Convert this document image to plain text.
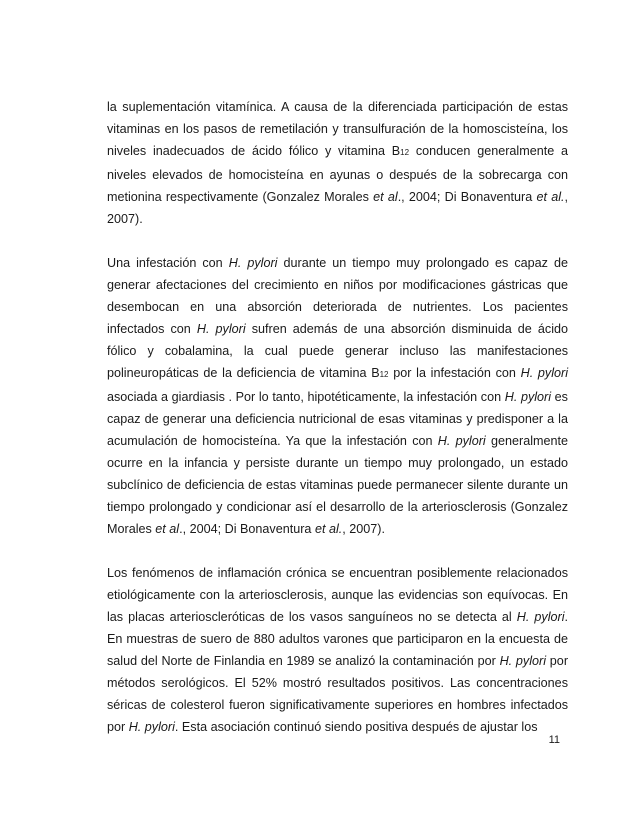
la suplementación vitamínica. A causa de la diferenciada participación de estas vitaminas en los pasos de remetilación y transulfuración de la homoscisteína, los niveles inadecuados de ácido fólico y vitamina B12 conducen generalmente a niveles elevados de homocisteína en ayunas o después de la sobrecarga con metionina respectivamente (Gonzalez Morales et al., 2004; Di Bonaventura et al., 2007).

Una infestación con H. pylori durante un tiempo muy prolongado es capaz de generar afectaciones del crecimiento en niños por modificaciones gástricas que desembocan en una absorción deteriorada de nutrientes. Los pacientes infectados con H. pylori sufren además de una absorción disminuida de ácido fólico y cobalamina, la cual puede generar incluso las manifestaciones polineuropáticas de la deficiencia de vitamina B12 por la infestación con H. pylori asociada a giardiasis . Por lo tanto, hipotéticamente, la infestación con H. pylori es capaz de generar una deficiencia nutricional de esas vitaminas y predisponer a la acumulación de homocisteína. Ya que la infestación con H. pylori generalmente ocurre en la infancia y persiste durante un tiempo muy prolongado, un estado subclínico de deficiencia de estas vitaminas puede permanecer silente durante un tiempo prolongado y condicionar así el desarrollo de la arteriosclerosis (Gonzalez Morales et al., 2004; Di Bonaventura et al., 2007).

Los fenómenos de inflamación crónica se encuentran posiblemente relacionados etiológicamente con la arteriosclerosis, aunque las evidencias son equívocas. En las placas arterioscleróticas de los vasos sanguíneos no se detecta al H. pylori. En muestras de suero de 880 adultos varones que participaron en la encuesta de salud del Norte de Finlandia en 1989 se analizó la contaminación por H. pylori por métodos serológicos. El 52% mostró resultados positivos. Las concentraciones séricas de colesterol fueron significativamente superiores en hombres infectados por H. pylori. Esta asociación continuó siendo positiva después de ajustar los

11
